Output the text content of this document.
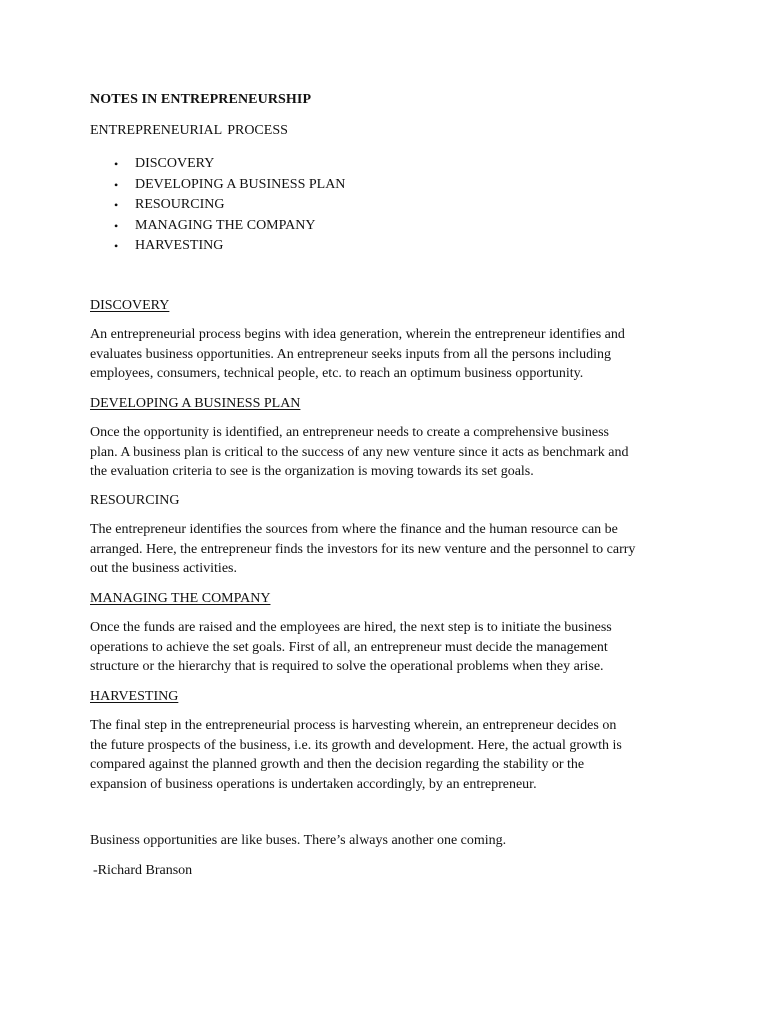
NOTES IN ENTREPRENEURSHIP
ENTREPRENEURIAL PROCESS
• DISCOVERY
• DEVELOPING A BUSINESS PLAN
• RESOURCING
• MANAGING THE COMPANY
• HARVESTING
DISCOVERY
An entrepreneurial process begins with idea generation, wherein the entrepreneur identifies and
evaluates business opportunities. An entrepreneur seeks inputs from all the persons including
employees, consumers, technical people, etc. to reach an optimum business opportunity.
DEVELOPING A BUSINESS PLAN
Once the opportunity is identified, an entrepreneur needs to create a comprehensive business
plan. A business plan is critical to the success of any new venture since it acts as benchmark and
the evaluation criteria to see is the organization is moving towards its set goals.
RESOURCING
The entrepreneur identifies the sources from where the finance and the human resource can be
arranged. Here, the entrepreneur finds the investors for its new venture and the personnel to carry
out the business activities.
MANAGING THE COMPANY
Once the funds are raised and the employees are hired, the next step is to initiate the business
operations to achieve the set goals. First of all, an entrepreneur must decide the management
structure or the hierarchy that is required to solve the operational problems when they arise.
HARVESTING
The final step in the entrepreneurial process is harvesting wherein, an entrepreneur decides on
the future prospects of the business, i.e. its growth and development. Here, the actual growth is
compared against the planned growth and then the decision regarding the stability or the
expansion of business operations is undertaken accordingly, by an entrepreneur.
Business opportunities are like buses. There’s always another one coming.
-Richard Branson
